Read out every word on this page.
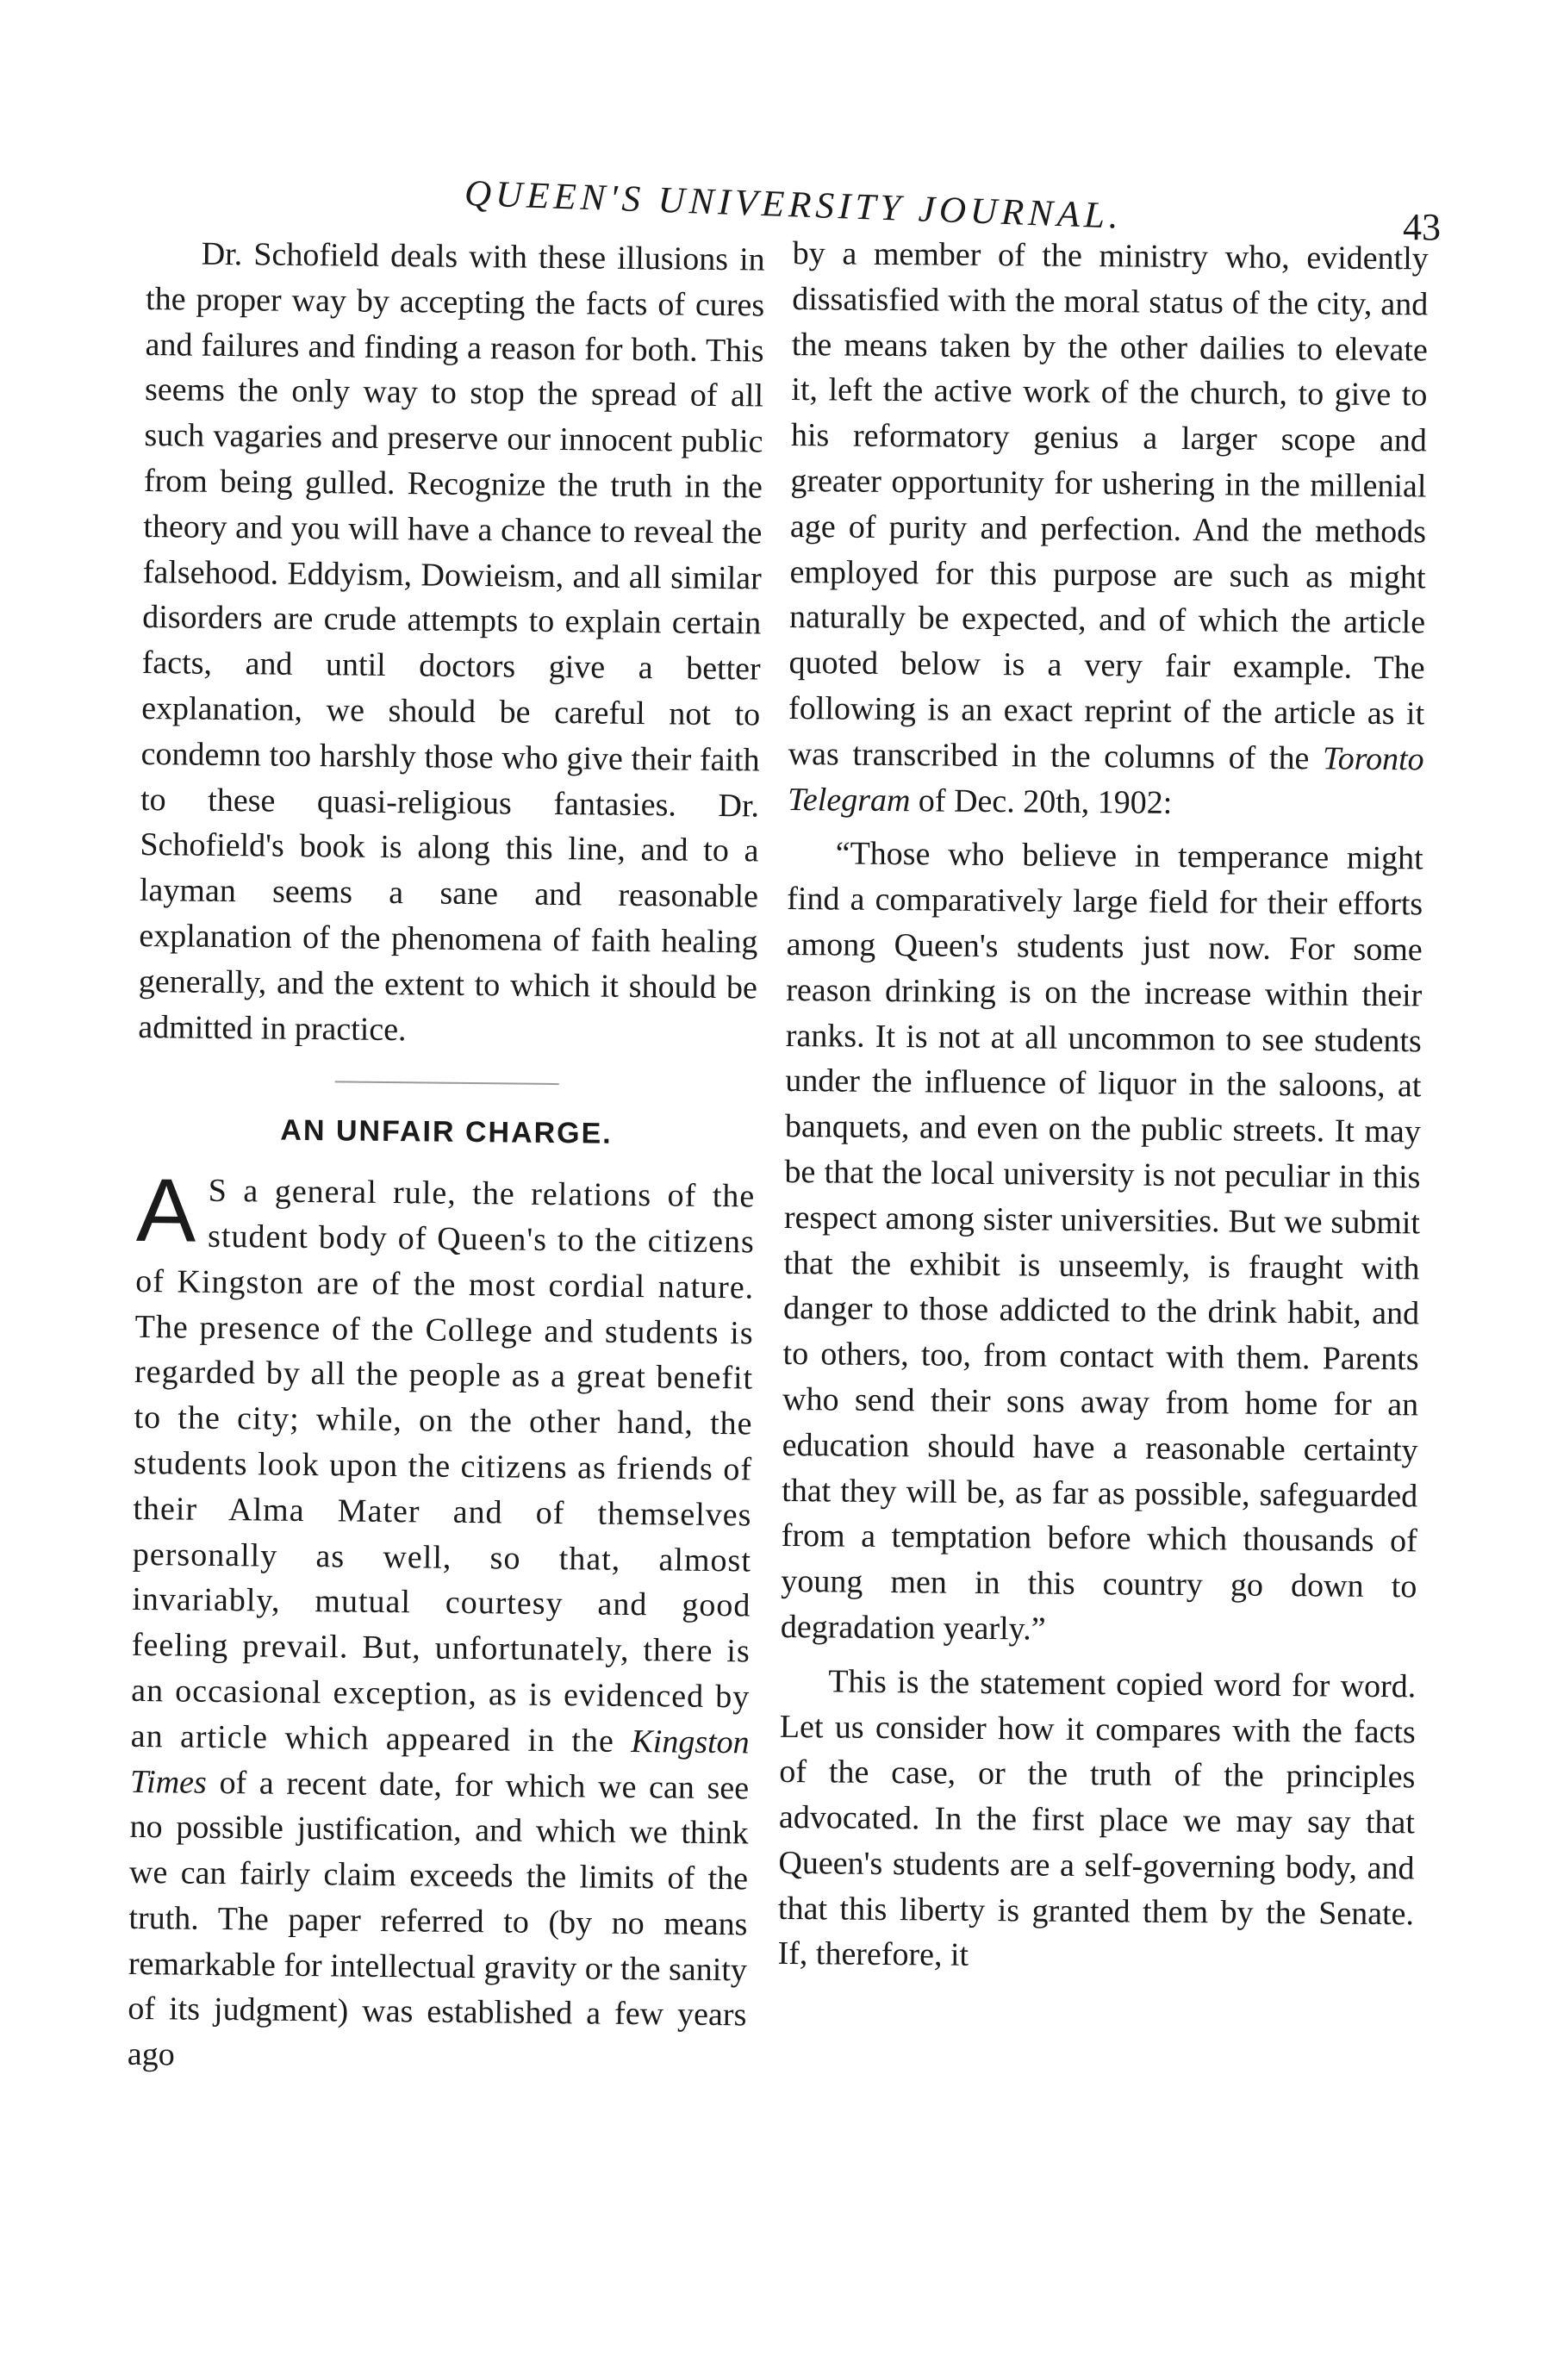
QUEEN'S UNIVERSITY JOURNAL.	43

Dr. Schofield deals with these illusions in the proper way by accepting the facts of cures and failures and finding a reason for both. This seems the only way to stop the spread of all such vagaries and preserve our innocent public from being gulled. Recognize the truth in the theory and you will have a chance to reveal the falsehood. Eddyism, Dowieism, and all similar disorders are crude attempts to explain certain facts, and until doctors give a better explanation, we should be careful not to condemn too harshly those who give their faith to these quasi-religious fantasies. Dr. Schofield's book is along this line, and to a layman seems a sane and reasonable explanation of the phenomena of faith healing generally, and the extent to which it should be admitted in practice.

AN UNFAIR CHARGE.

A S a general rule, the relations of the student body of Queen's to the citizens of Kingston are of the most cordial nature. The presence of the College and students is regarded by all the people as a great benefit to the city; while, on the other hand, the students look upon the citizens as friends of their Alma Mater and of themselves personally as well, so that, almost invariably, mutual courtesy and good feeling prevail. But, unfortunately, there is an occasional exception, as is evidenced by an article which appeared in the Kingston Times of a recent date, for which we can see no possible justification, and which we think we can fairly claim exceeds the limits of the truth. The paper referred to (by no means remarkable for intellectual gravity or the sanity of its judgment) was established a few years ago

by a member of the ministry who, evidently dissatisfied with the moral status of the city, and the means taken by the other dailies to elevate it, left the active work of the church, to give to his reformatory genius a larger scope and greater opportunity for ushering in the millenial age of purity and perfection. And the methods employed for this purpose are such as might naturally be expected, and of which the article quoted below is a very fair example. The following is an exact reprint of the article as it was transcribed in the columns of the Toronto Telegram of Dec. 20th, 1902:

“Those who believe in temperance might find a comparatively large field for their efforts among Queen's students just now. For some reason drinking is on the increase within their ranks. It is not at all uncommon to see students under the influence of liquor in the saloons, at banquets, and even on the public streets. It may be that the local university is not peculiar in this respect among sister universities. But we submit that the exhibit is unseemly, is fraught with danger to those addicted to the drink habit, and to others, too, from contact with them. Parents who send their sons away from home for an education should have a reasonable certainty that they will be, as far as possible, safeguarded from a temptation before which thousands of young men in this country go down to degradation yearly.”

This is the statement copied word for word. Let us consider how it compares with the facts of the case, or the truth of the principles advocated. In the first place we may say that Queen's students are a self-governing body, and that this liberty is granted them by the Senate. If, therefore, it
